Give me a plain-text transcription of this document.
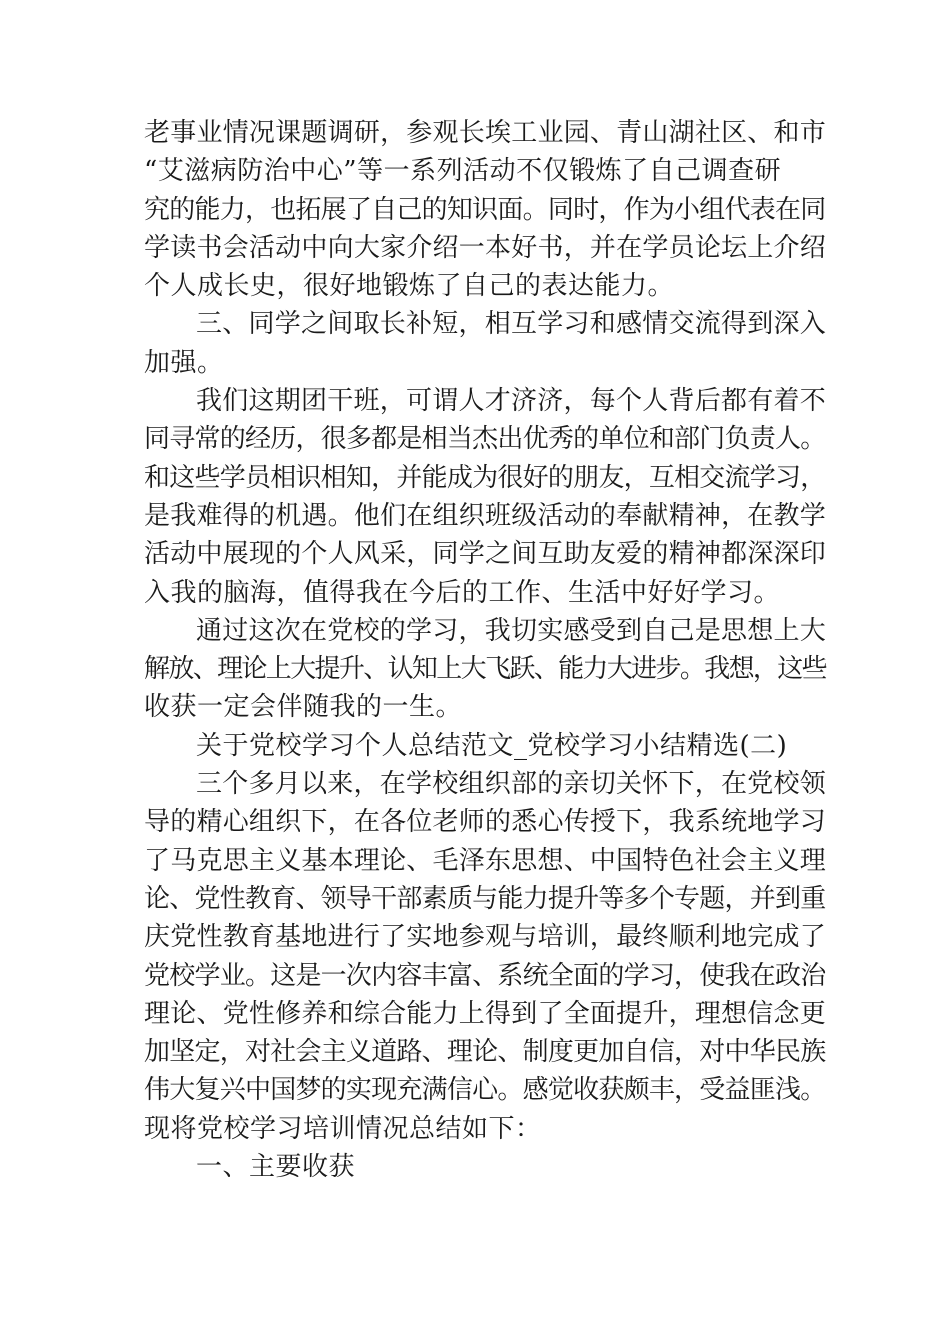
老事业情况课题调研，参观长埃工业园、青山湖社区、和市
“艾滋病防治中心”等一系列活动不仅锻炼了自己调查研
究的能力，也拓展了自己的知识面。同时，作为小组代表在同
学读书会活动中向大家介绍一本好书，并在学员论坛上介绍
个人成长史，很好地锻炼了自己的表达能力。
三、同学之间取长补短，相互学习和感情交流得到深入
加强。
我们这期团干班，可谓人才济济，每个人背后都有着不
同寻常的经历，很多都是相当杰出优秀的单位和部门负责人。
和这些学员相识相知，并能成为很好的朋友，互相交流学习，
是我难得的机遇。他们在组织班级活动的奉献精神，在教学
活动中展现的个人风采，同学之间互助友爱的精神都深深印
入我的脑海，值得我在今后的工作、生活中好好学习。
通过这次在党校的学习，我切实感受到自己是思想上大
解放、理论上大提升、认知上大飞跃、能力大进步。我想，这些
收获一定会伴随我的一生。
关于党校学习个人总结范文_党校学习小结精选(二)
三个多月以来，在学校组织部的亲切关怀下，在党校领
导的精心组织下，在各位老师的悉心传授下，我系统地学习
了马克思主义基本理论、毛泽东思想、中国特色社会主义理
论、党性教育、领导干部素质与能力提升等多个专题，并到重
庆党性教育基地进行了实地参观与培训，最终顺利地完成了
党校学业。这是一次内容丰富、系统全面的学习，使我在政治
理论、党性修养和综合能力上得到了全面提升，理想信念更
加坚定，对社会主义道路、理论、制度更加自信，对中华民族
伟大复兴中国梦的实现充满信心。感觉收获颇丰，受益匪浅。
现将党校学习培训情况总结如下：
一、主要收获
